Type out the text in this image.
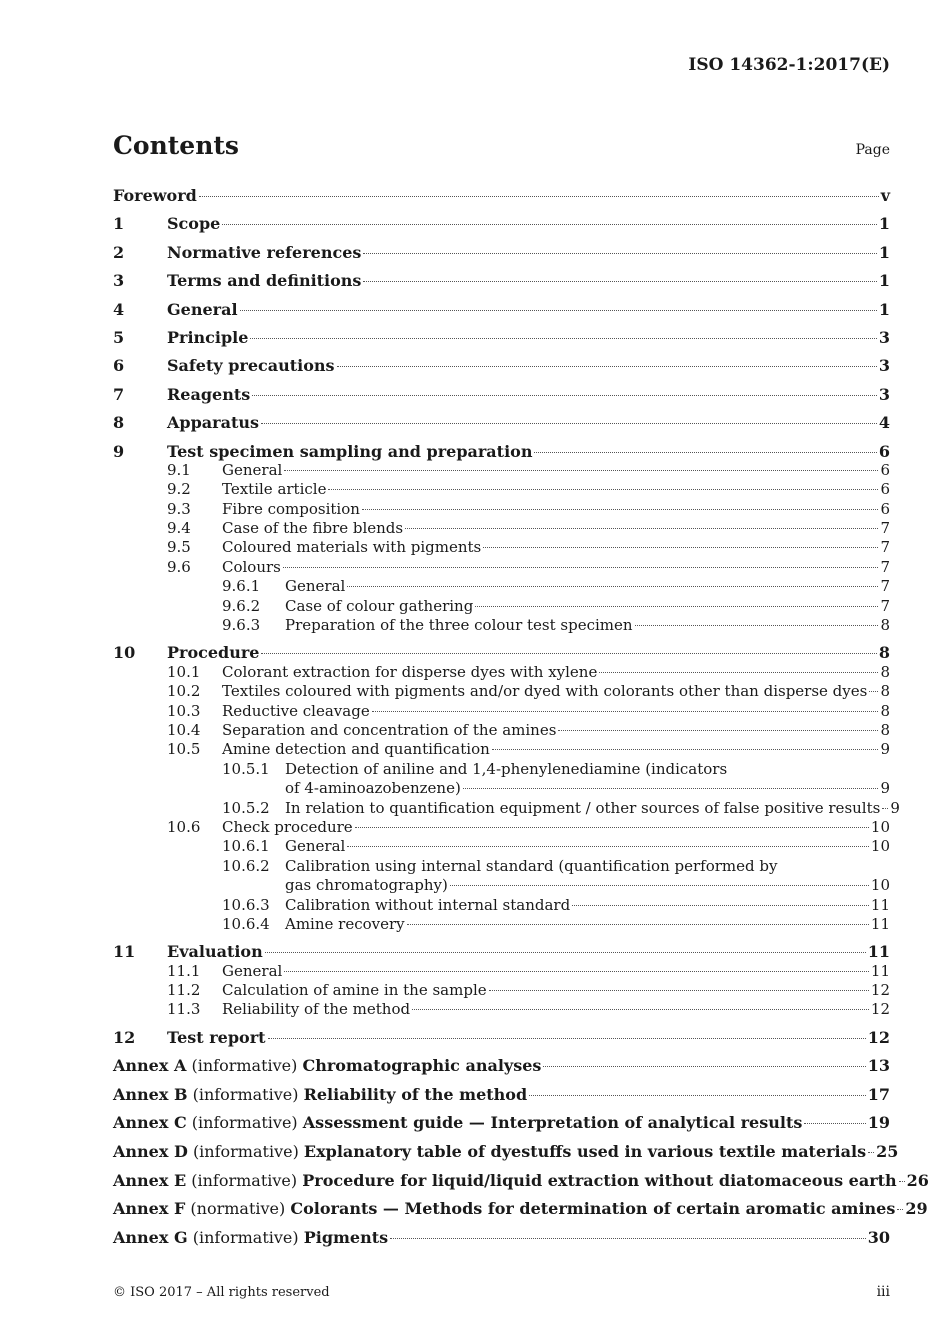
ISO 14362-1:2017(E)
Contents	Page
Foreword	v
1	Scope	1
2	Normative references	1
3	Terms and definitions	1
4	General	1
5	Principle	3
6	Safety precautions	3
7	Reagents	3
8	Apparatus	4
9	Test specimen sampling and preparation	6
9.1	General	6
9.2	Textile article	6
9.3	Fibre composition	6
9.4	Case of the fibre blends	7
9.5	Coloured materials with pigments	7
9.6	Colours	7
9.6.1	General	7
9.6.2	Case of colour gathering	7
9.6.3	Preparation of the three colour test specimen	8
10	Procedure	8
10.1	Colorant extraction for disperse dyes with xylene	8
10.2	Textiles coloured with pigments and/or dyed with colorants other than disperse dyes 8
10.3	Reductive cleavage	8
10.4	Separation and concentration of the amines	8
10.5	Amine detection and quantification	9
10.5.1	Detection of aniline and 1,4-phenylenediamine (indicators
of 4-aminoazobenzene)	9
10.5.2	In relation to quantification equipment / other sources of false positive results 9
10.6	Check procedure	10
10.6.1	General	10
10.6.2	Calibration using internal standard (quantification performed by
gas chromatography)	10
10.6.3	Calibration without internal standard	11
10.6.4	Amine recovery	11
11	Evaluation	11
11.1	General	11
11.2	Calculation of amine in the sample	12
11.3	Reliability of the method	12
12	Test report	12
Annex A (informative) Chromatographic analyses	13
Annex B (informative) Reliability of the method	17
Annex C (informative) Assessment guide — Interpretation of analytical results	19
Annex D (informative) Explanatory table of dyestuffs used in various textile materials 25
Annex E (informative) Procedure for liquid/liquid extraction without diatomaceous earth 26
Annex F (normative) Colorants — Methods for determination of certain aromatic amines 29
Annex G (informative) Pigments	30
© ISO 2017 – All rights reserved	iii
